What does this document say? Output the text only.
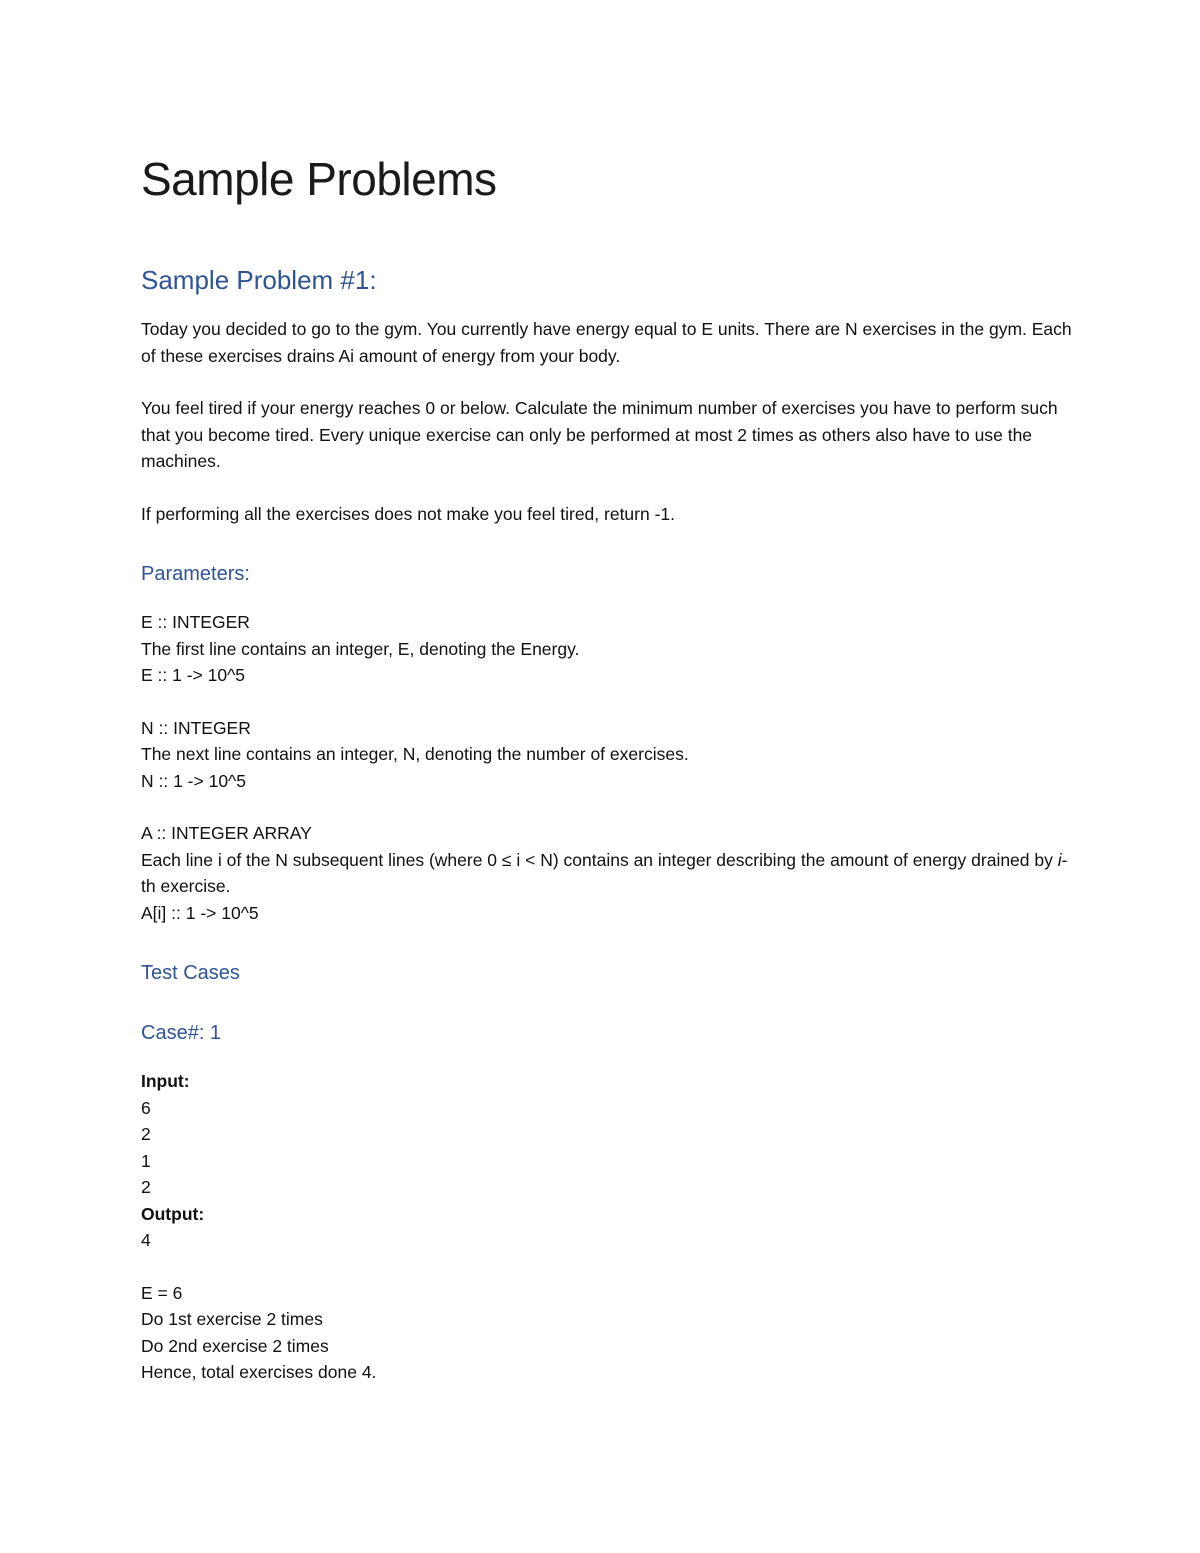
Sample Problems
Sample Problem #1:

Today you decided to go to the gym. You currently have energy equal to E units. There are N exercises in the gym. Each of these exercises drains Ai amount of energy from your body.

You feel tired if your energy reaches 0 or below. Calculate the minimum number of exercises you have to perform such that you become tired. Every unique exercise can only be performed at most 2 times as others also have to use the machines.

If performing all the exercises does not make you feel tired, return -1.

Parameters:
E :: INTEGER
The first line contains an integer, E, denoting the Energy.
E :: 1 -> 10^5
N :: INTEGER
The next line contains an integer, N, denoting the number of exercises.
N :: 1 -> 10^5
A :: INTEGER ARRAY
Each line i of the N subsequent lines (where 0 ≤ i < N) contains an integer describing the amount of energy drained by i-th exercise.
A[i] :: 1 -> 10^5
Test Cases
Case#: 1
Input:
6
2
1
2
Output:
4
E = 6
Do 1st exercise 2 times
Do 2nd exercise 2 times
Hence, total exercises done 4.
